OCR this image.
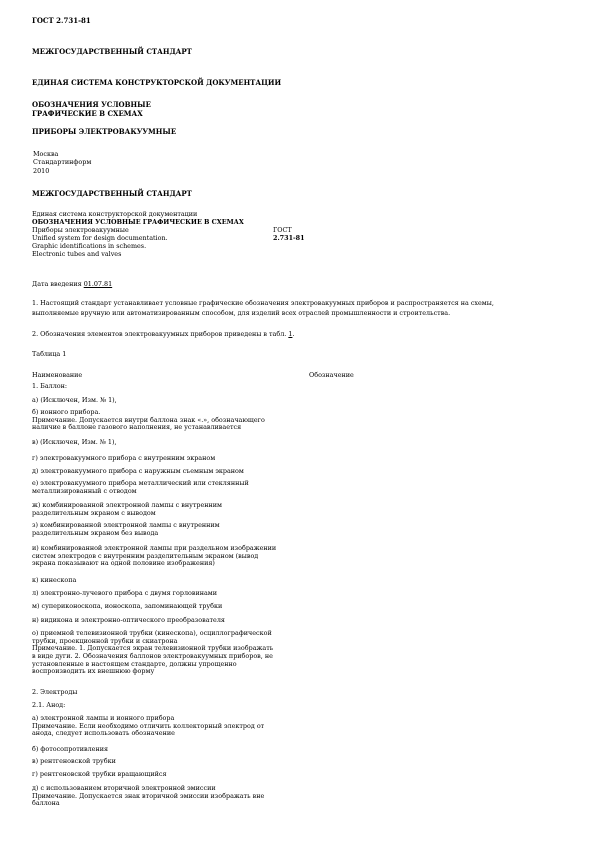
ГОСТ 2.731-81
МЕЖГОСУДАРСТВЕННЫЙ СТАНДАРТ
ЕДИНАЯ СИСТЕМА КОНСТРУКТОРСКОЙ ДОКУМЕНТАЦИИ
ОБОЗНАЧЕНИЯ УСЛОВНЫЕ
ГРАФИЧЕСКИЕ В СХЕМАХ
ПРИБОРЫ ЭЛЕКТРОВАКУУМНЫЕ
Москва
Стандартинформ
2010
МЕЖГОСУДАРСТВЕННЫЙ СТАНДАРТ
Единая система конструкторской документации
ОБОЗНАЧЕНИЯ УСЛОВНЫЕ ГРАФИЧЕСКИЕ В СХЕМАХ
Приборы электровакуумные	ГОСТ
Unified system for design documentation.	2.731-81
Graphic identifications in schemes.
Electronic tubes and valves
Дата введения 01.07.81
1. Настоящий стандарт устанавливает условные графические обозначения электровакуумных приборов и распространяется на схемы,
выполняемые вручную или автоматизированным способом, для изделий всех отраслей промышленности и строительства.
2. Обозначения элементов электровакуумных приборов приведены в табл. 1.
Таблица 1
Наименование	Обозначение
1. Баллон:
а) (Исключен, Изм. № 1),
б) ионного прибора.
Примечание. Допускается внутри баллона знак «.», обозначающего
наличие в баллоне газового наполнения, не устанавливается
в) (Исключен, Изм. № 1),
г) электровакуумного прибора с внутренним экраном
д) электровакуумного прибора с наружным съемным экраном
е) электровакуумного прибора металлический или стеклянный
металлизированный с отводом
ж) комбинированной электронной лампы с внутренним
разделительным экраном с выводом
з) комбинированной электронной лампы с внутренним
разделительным экраном без вывода
и) комбинированной электронной лампы при раздельном изображении
систем электродов с внутренним разделительным экраном (вывод
экрана показывают на одной половине изображения)
к) кинескопа
л) электронно-лучевого прибора с двумя горловинами
м) супериконоскопа, ионоскопа, запоминающей трубки
н) видикона и электронно-оптического преобразователя
о) приемной телевизионной трубки (кинескопа), осциллографической
трубки, проекционной трубки и скиатрона
Примечание. 1. Допускается экран телевизионной трубки изображать
в виде дуги. 2. Обозначения баллонов электровакуумных приборов, не
установленные в настоящем стандарте, должны упрощенно
воспроизводить их внешнюю форму
2. Электроды
2.1. Анод:
а) электронной лампы и ионного прибора
Примечание. Если необходимо отличить коллекторный электрод от
анода, следует использовать обозначение
б) фотосопротивления
в) рентгеновской трубки
г) рентгеновской трубки вращающийся
д) с использованием вторичной электронной эмиссии
Примечание. Допускается знак вторичной эмиссии изображать вне
баллона
